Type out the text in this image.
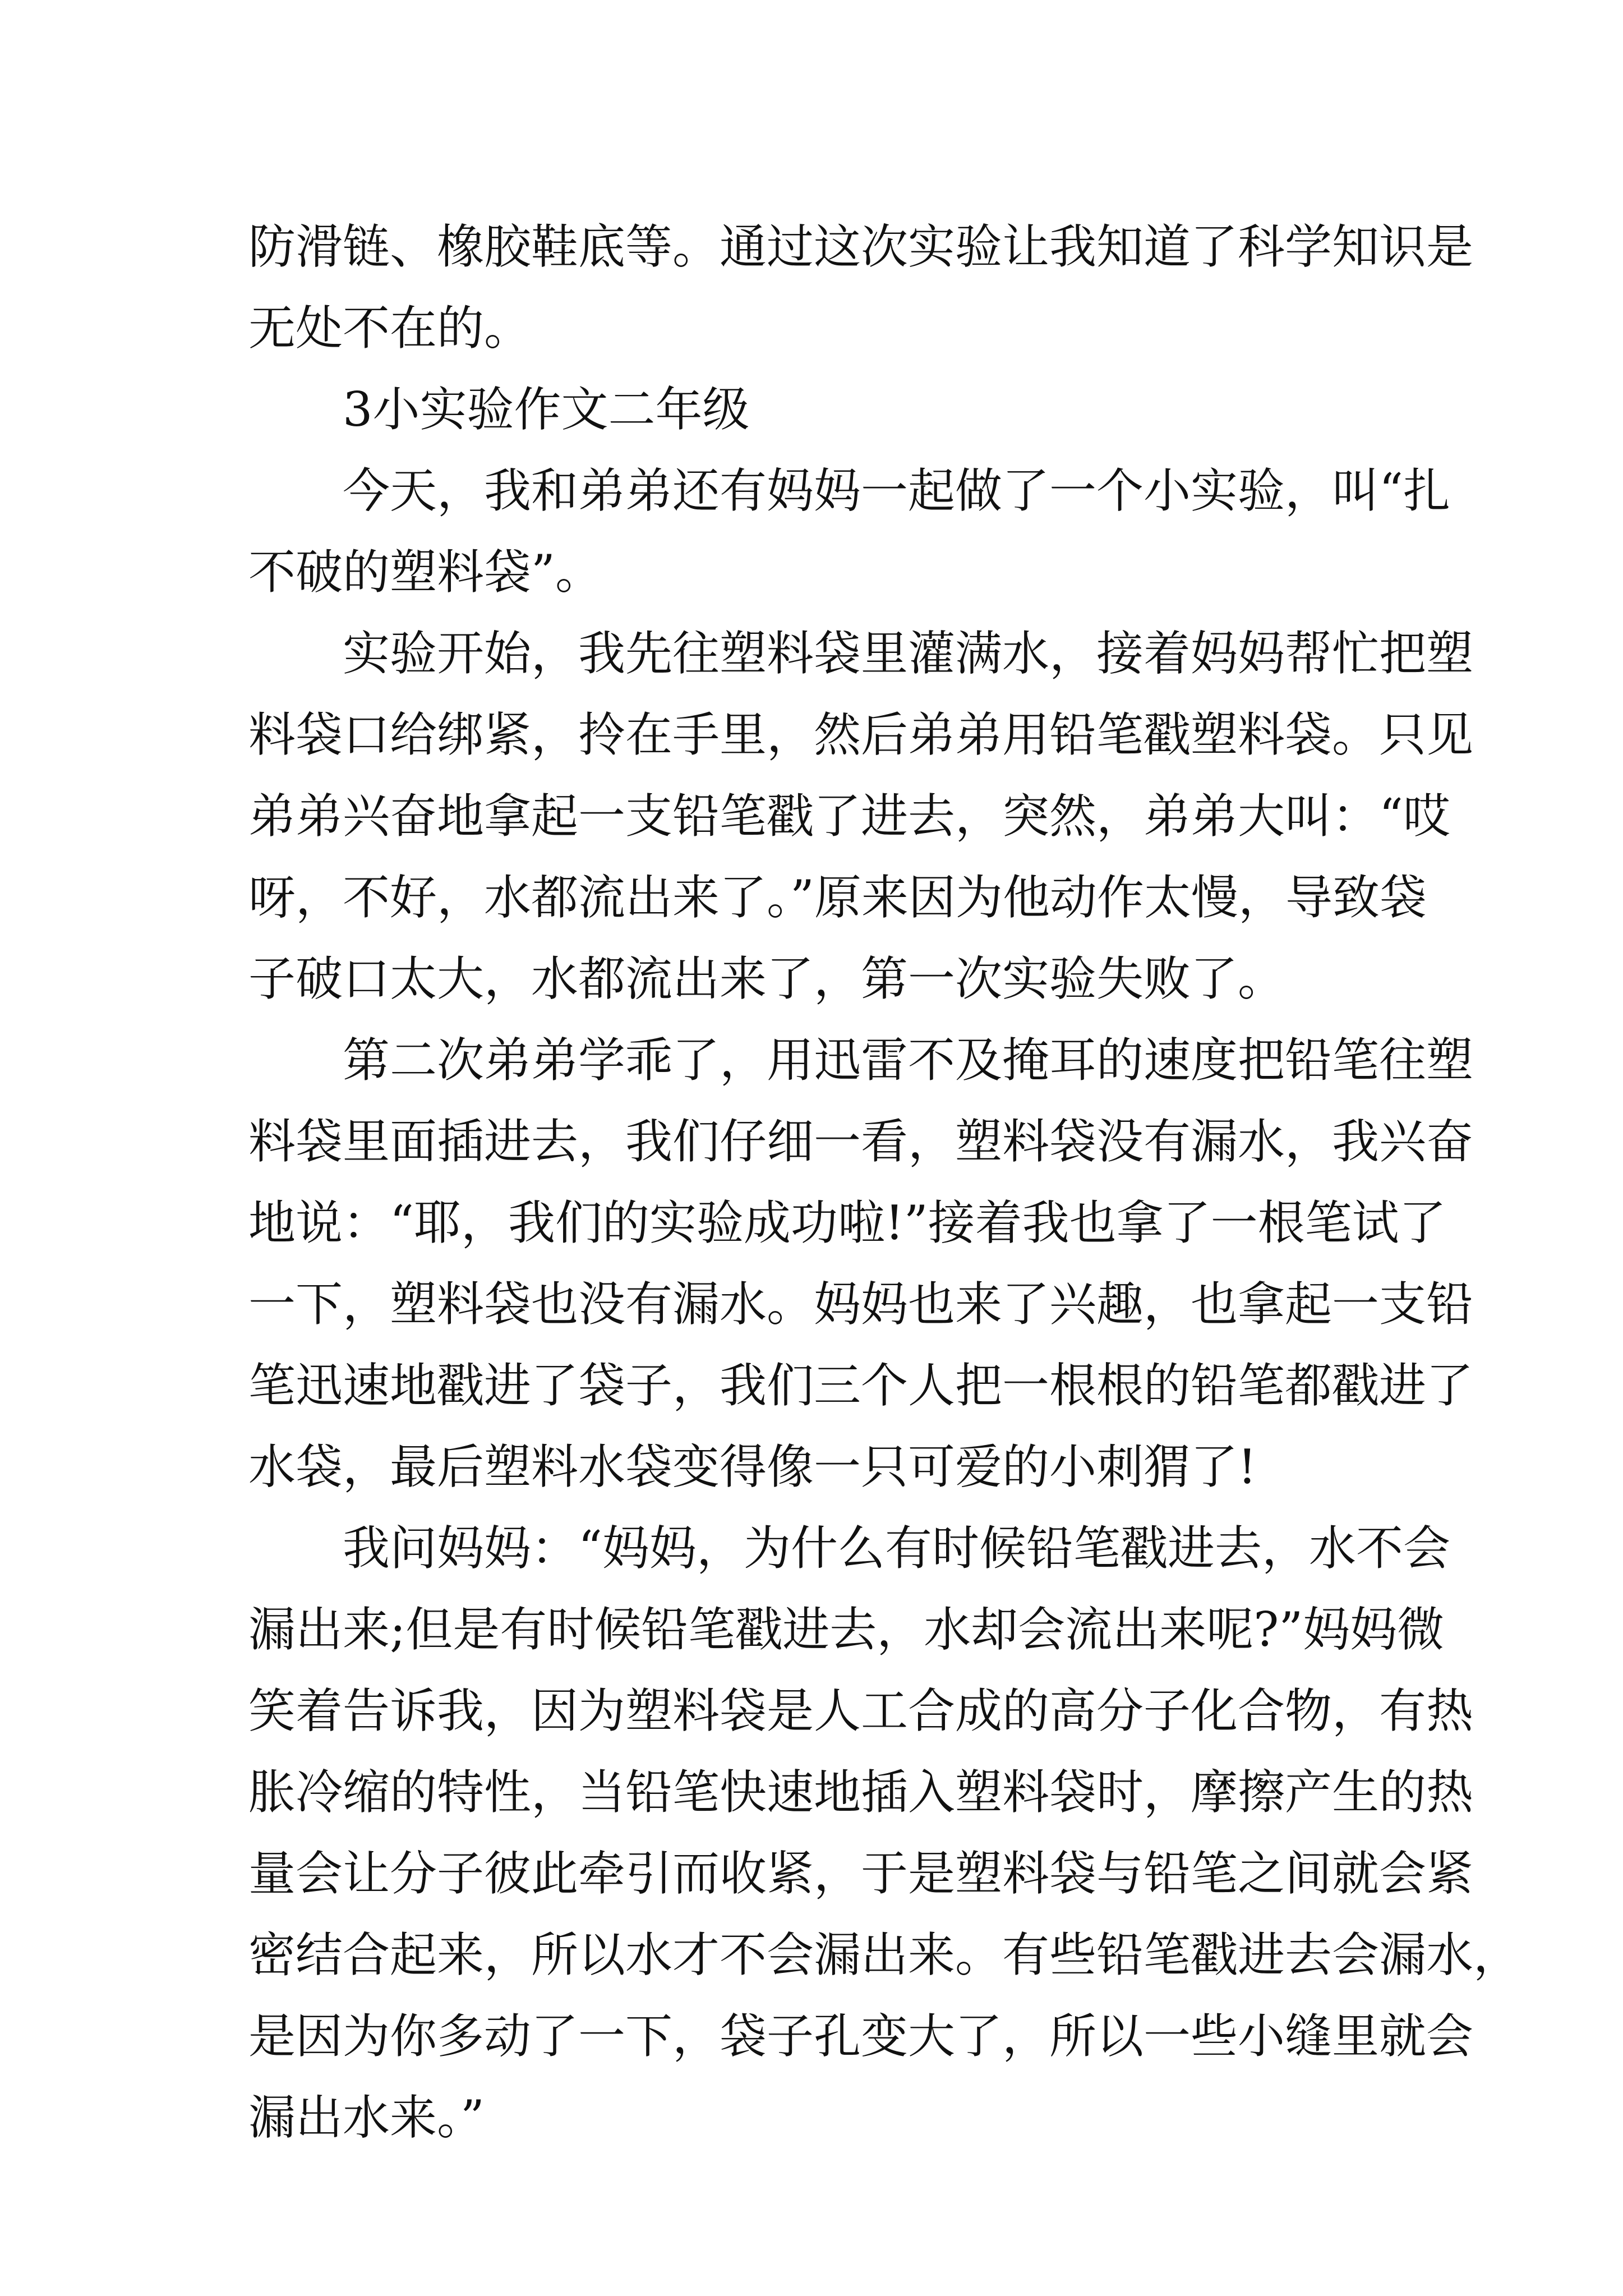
防滑链、橡胶鞋底等。通过这次实验让我知道了科学知识是
无处不在的。
3小实验作文二年级
今天，我和弟弟还有妈妈一起做了一个小实验，叫“扎
不破的塑料袋”。
实验开始，我先往塑料袋里灌满水，接着妈妈帮忙把塑
料袋口给绑紧，拎在手里，然后弟弟用铅笔戳塑料袋。只见
弟弟兴奋地拿起一支铅笔戳了进去，突然，弟弟大叫：“哎
呀，不好，水都流出来了。”原来因为他动作太慢，导致袋
子破口太大，水都流出来了，第一次实验失败了。
第二次弟弟学乖了，用迅雷不及掩耳的速度把铅笔往塑
料袋里面插进去，我们仔细一看，塑料袋没有漏水，我兴奋
地说：“耶，我们的实验成功啦!”接着我也拿了一根笔试了
一下，塑料袋也没有漏水。妈妈也来了兴趣，也拿起一支铅
笔迅速地戳进了袋子，我们三个人把一根根的铅笔都戳进了
水袋，最后塑料水袋变得像一只可爱的小刺猬了!
我问妈妈：“妈妈，为什么有时候铅笔戳进去，水不会
漏出来;但是有时候铅笔戳进去，水却会流出来呢?”妈妈微
笑着告诉我，因为塑料袋是人工合成的高分子化合物，有热
胀冷缩的特性，当铅笔快速地插入塑料袋时，摩擦产生的热
量会让分子彼此牵引而收紧，于是塑料袋与铅笔之间就会紧
密结合起来，所以水才不会漏出来。有些铅笔戳进去会漏水，
是因为你多动了一下，袋子孔变大了，所以一些小缝里就会
漏出水来。”
